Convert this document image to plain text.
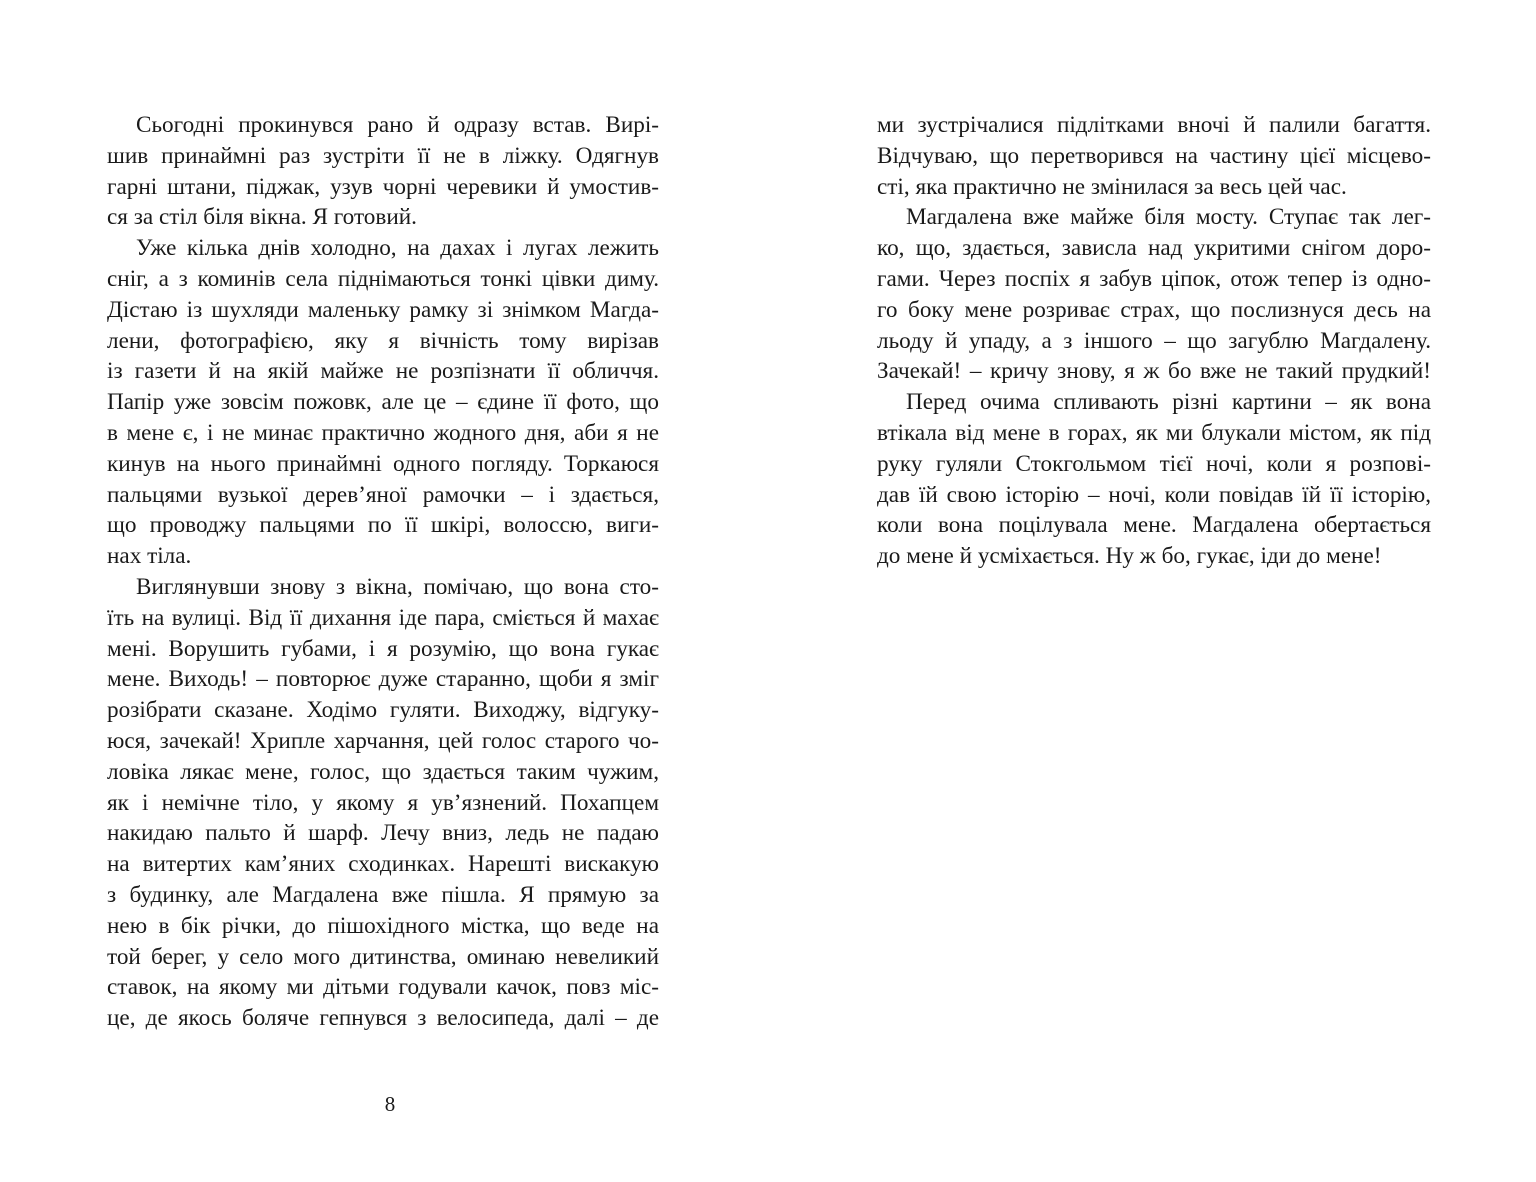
Сьогодні прокинувся рано й одразу встав. Вирі-
шив принаймні раз зустріти її не в ліжку. Одягнув
гарні штани, піджак, узув чорні черевики й умостив-
ся за стіл біля вікна. Я готовий.
Уже кілька днів холодно, на дахах і лугах лежить
сніг, а з коминів села піднімаються тонкі цівки диму.
Дістаю із шухляди маленьку рамку зі знімком Магда-
лени, фотографією, яку я вічність тому вирізав
із газети й на якій майже не розпізнати її обличчя.
Папір уже зовсім пожовк, але це – єдине її фото, що
в мене є, і не минає практично жодного дня, аби я не
кинув на нього принаймні одного погляду. Торкаюся
пальцями вузької дерев’яної рамочки – і здається,
що проводжу пальцями по її шкірі, волоссю, виги-
нах тіла.
Виглянувши знову з вікна, помічаю, що вона сто-
їть на вулиці. Від її дихання іде пара, сміється й махає
мені. Ворушить губами, і я розумію, що вона гукає
мене. Виходь! – повторює дуже старанно, щоби я зміг
розібрати сказане. Ходімо гуляти. Виходжу, відгуку-
юся, зачекай! Хрипле харчання, цей голос старого чо-
ловіка лякає мене, голос, що здається таким чужим,
як і немічне тіло, у якому я ув’язнений. Похапцем
накидаю пальто й шарф. Лечу вниз, ледь не падаю
на витертих кам’яних сходинках. Нарешті вискакую
з будинку, але Магдалена вже пішла. Я прямую за
нею в бік річки, до пішохідного містка, що веде на
той берег, у село мого дитинства, оминаю невеликий
ставок, на якому ми дітьми годували качок, повз міс-
це, де якось боляче гепнувся з велосипеда, далі – де
8
ми зустрічалися підлітками вночі й палили багаття.
Відчуваю, що перетворився на частину цієї місцево-
сті, яка практично не змінилася за весь цей час.
Магдалена вже майже біля мосту. Ступає так лег-
ко, що, здається, зависла над укритими снігом доро-
гами. Через поспіх я забув ціпок, отож тепер із одно-
го боку мене розриває страх, що послизнуся десь на
льоду й упаду, а з іншого – що загублю Магдалену.
Зачекай! – кричу знову, я ж бо вже не такий прудкий!
Перед очима спливають різні картини – як вона
втікала від мене в горах, як ми блукали містом, як під
руку гуляли Стокгольмом тієї ночі, коли я розпові-
дав їй свою історію – ночі, коли повідав їй її історію,
коли вона поцілувала мене. Магдалена обертається
до мене й усміхається. Ну ж бо, гукає, іди до мене!
